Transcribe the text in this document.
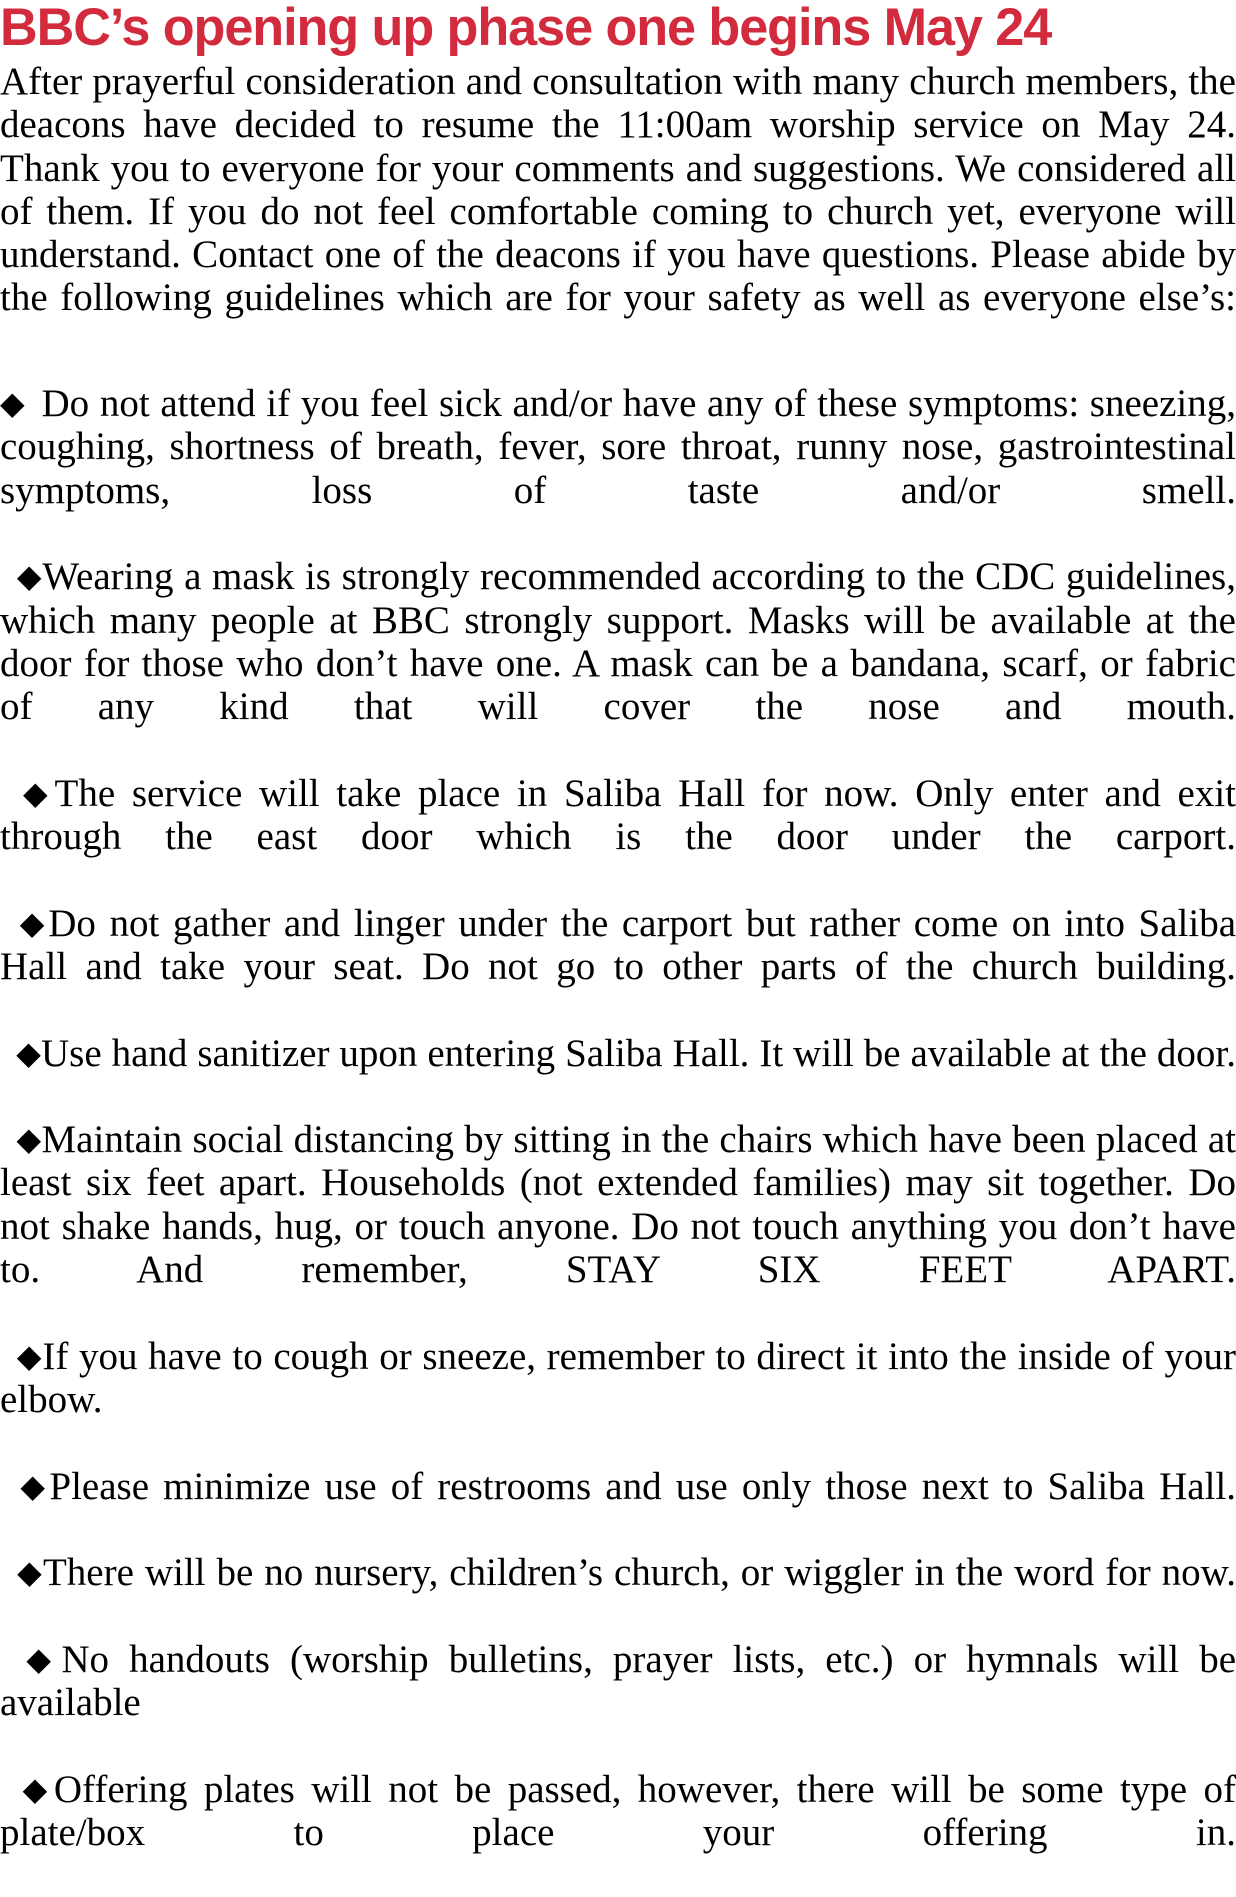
BBC’s opening up phase one begins May 24

After prayerful consideration and consultation with many church members, the deacons have decided to resume the 11:00am worship service on May 24. Thank you to everyone for your comments and suggestions. We considered all of them. If you do not feel comfortable coming to church yet, everyone will understand. Contact one of the deacons if you have questions. Please abide by the following guidelines which are for your safety as well as everyone else’s:

◆ Do not attend if you feel sick and/or have any of these symptoms: sneezing, coughing, shortness of breath, fever, sore throat, runny nose, gastrointestinal symptoms, loss of taste and/or smell.

◆Wearing a mask is strongly recommended according to the CDC guidelines, which many people at BBC strongly support. Masks will be available at the door for those who don’t have one. A mask can be a bandana, scarf, or fabric of any kind that will cover the nose and mouth.

◆The service will take place in Saliba Hall for now. Only enter and exit through the east door which is the door under the carport.

◆Do not gather and linger under the carport but rather come on into Saliba Hall and take your seat. Do not go to other parts of the church building.

◆Use hand sanitizer upon entering Saliba Hall. It will be available at the door.

◆Maintain social distancing by sitting in the chairs which have been placed at least six feet apart. Households (not extended families) may sit together. Do not shake hands, hug, or touch anyone. Do not touch anything you don’t have to. And remember, STAY SIX FEET APART.

◆If you have to cough or sneeze, remember to direct it into the inside of your elbow.

◆Please minimize use of restrooms and use only those next to Saliba Hall.

◆There will be no nursery, children’s church, or wiggler in the word for now.

◆No handouts (worship bulletins, prayer lists, etc.) or hymnals will be available

◆Offering plates will not be passed, however, there will be some type of plate/box to place your offering in.
